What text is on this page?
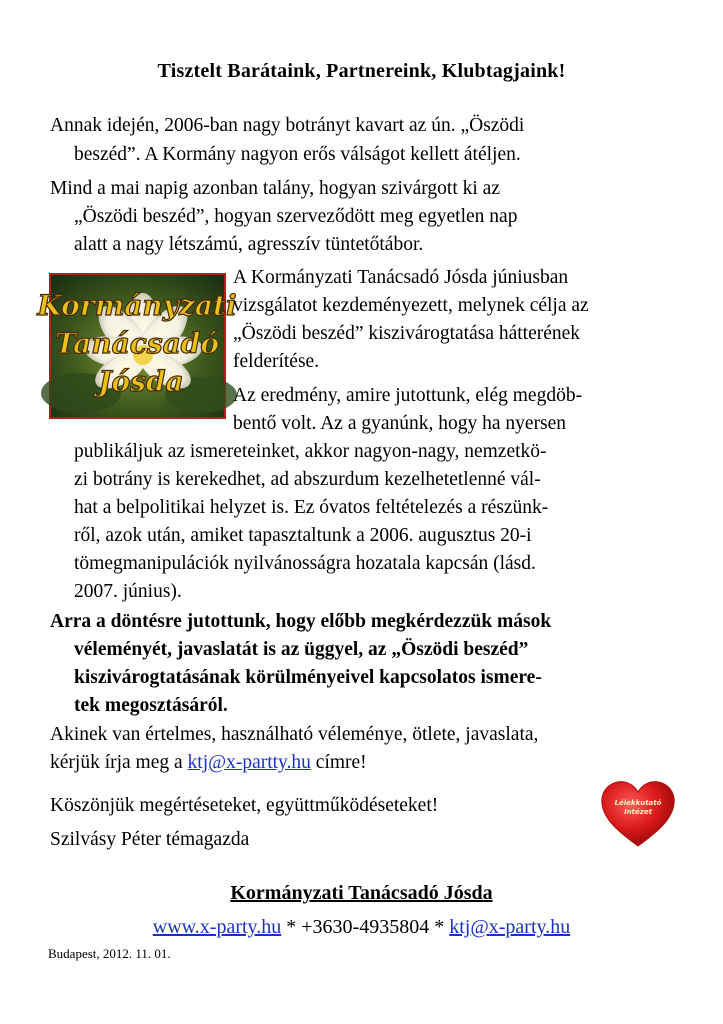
Tisztelt Barátaink, Partnereink, Klubtagjaink!
Annak idején, 2006-ban nagy botrányt kavart az ún. „Öszödi
beszéd”. A Kormány nagyon erős válságot kellett átéljen.
Mind a mai napig azonban talány, hogyan szivárgott ki az
„Öszödi beszéd”, hogyan szerveződött meg egyetlen nap
alatt a nagy létszámú, agresszív tüntetőtábor.
Kormányzati
Tanácsadó
Jósda
A Kormányzati Tanácsadó Jósda júniusban
vizsgálatot kezdeményezett, melynek célja az
„Öszödi beszéd” kiszivárogtatása hátterének
felderítése.
Az eredmény, amire jutottunk, elég megdöb-
bentő volt. Az a gyanúnk, hogy ha nyersen
publikáljuk az ismereteinket, akkor nagyon-nagy, nemzetkö-
zi botrány is kerekedhet, ad abszurdum kezelhetetlenné vál-
hat a belpolitikai helyzet is. Ez óvatos feltételezés a részünk-
ről, azok után, amiket tapasztaltunk a 2006. augusztus 20-i
tömegmanipulációk nyilvánosságra hozatala kapcsán (lásd.
2007. június).
Arra a döntésre jutottunk, hogy előbb megkérdezzük mások
véleményét, javaslatát is az üggyel, az „Öszödi beszéd”
kiszivárogtatásának körülményeivel kapcsolatos ismere-
tek megosztásáról.
Akinek van értelmes, használható véleménye, ötlete, javaslata,
kérjük írja meg a ktj@x-partty.hu címre!
Köszönjük megértéseteket, együttműködéseteket!
Szilvásy Péter témagazda
Lélekkutató
Intézet
Kormányzati Tanácsadó Jósda
www.x-party.hu * +3630-4935804 * ktj@x-party.hu
Budapest, 2012. 11. 01.
